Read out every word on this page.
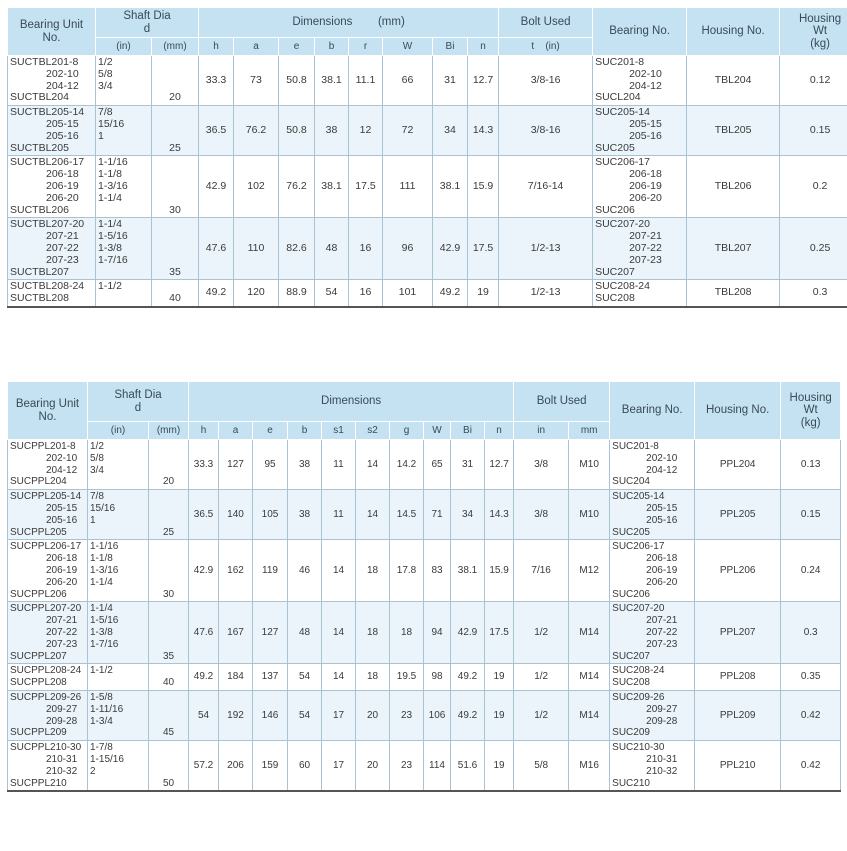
Bearing Unit
No.	Shaft Dia
d		Dimensions        (mm)								Bolt Used	Bearing No.	Housing No.	Housing
Wt
(kg)
	(in)	(mm)	h	a	e	b	r	W	Bi	n	t    (in)			

SUCTBL201-8
202-10
204-12
SUCTBL204	1/2
5/8
3/4	20	33.3	73	50.8	38.1	11.1	66	31	12.7	3/8-16	SUC201-8
202-10
204-12
SUCL204	TBL204	0.12

SUCTBL205-14
205-15
205-16
SUCTBL205	7/8
15/16
1	25	36.5	76.2	50.8	38	12	72	34	14.3	3/8-16	SUC205-14
205-15
205-16
SUC205	TBL205	0.15

SUCTBL206-17
206-18
206-19
206-20
SUCTBL206	1-1/16
1-1/8
1-3/16
1-1/4	30	42.9	102	76.2	38.1	17.5	111	38.1	15.9	7/16-14	SUC206-17
206-18
206-19
206-20
SUC206	TBL206	0.2

SUCTBL207-20
207-21
207-22
207-23
SUCTBL207	1-1/4
1-5/16
1-3/8
1-7/16	35	47.6	110	82.6	48	16	96	42.9	17.5	1/2-13	SUC207-20
207-21
207-22
207-23
SUC207	TBL207	0.25

SUCTBL208-24
SUCTBL208	1-1/2	40	49.2	120	88.9	54	16	101	49.2	19	1/2-13	SUC208-24
SUC208	TBL208	0.3
Bearing Unit
No.	Shaft Dia
d		Dimensions										Bolt Used		Bearing No.	Housing No.	Housing
Wt
(kg)
	(in)	(mm)	h	a	e	b	s1	s2	g	W	Bi	n	in	mm			

SUCPPL201-8
202-10
204-12
SUCPPL204	1/2
5/8
3/4	20	33.3	127	95	38	11	14	14.2	65	31	12.7	3/8	M10	SUC201-8
202-10
204-12
SUC204	PPL204	0.13

SUCPPL205-14
205-15
205-16
SUCPPL205	7/8
15/16
1	25	36.5	140	105	38	11	14	14.5	71	34	14.3	3/8	M10	SUC205-14
205-15
205-16
SUC205	PPL205	0.15

SUCPPL206-17
206-18
206-19
206-20
SUCPPL206	1-1/16
1-1/8
1-3/16
1-1/4	30	42.9	162	119	46	14	18	17.8	83	38.1	15.9	7/16	M12	SUC206-17
206-18
206-19
206-20
SUC206	PPL206	0.24

SUCPPL207-20
207-21
207-22
207-23
SUCPPL207	1-1/4
1-5/16
1-3/8
1-7/16	35	47.6	167	127	48	14	18	18	94	42.9	17.5	1/2	M14	SUC207-20
207-21
207-22
207-23
SUC207	PPL207	0.3

SUCPPL208-24
SUCPPL208	1-1/2	40	49.2	184	137	54	14	18	19.5	98	49.2	19	1/2	M14	SUC208-24
SUC208	PPL208	0.35

SUCPPL209-26
209-27
209-28
SUCPPL209	1-5/8
1-11/16
1-3/4	45	54	192	146	54	17	20	23	106	49.2	19	1/2	M14	SUC209-26
209-27
209-28
SUC209	PPL209	0.42

SUCPPL210-30
210-31
210-32
SUCPPL210	1-7/8
1-15/16
2	50	57.2	206	159	60	17	20	23	114	51.6	19	5/8	M16	SUC210-30
210-31
210-32
SUC210	PPL210	0.42
